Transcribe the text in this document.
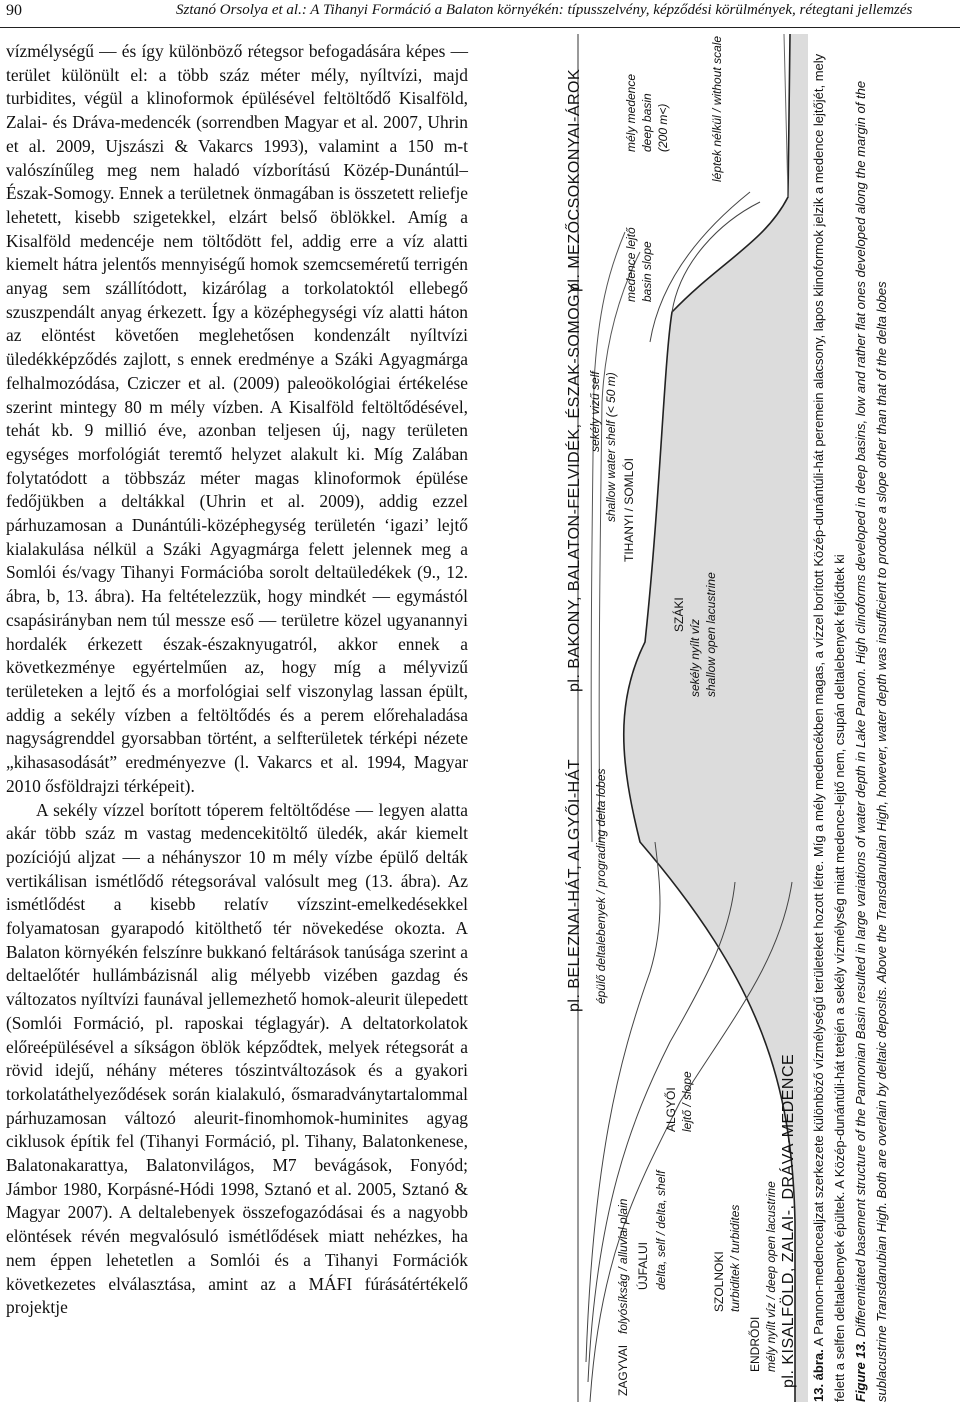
90	Sztanó Orsolya et al.: A Tihanyi Formáció a Balaton környékén: típusszelvény, képződési körülmények, rétegtani jellemzés

vízmélységű — és így különböző rétegsor befogadására képes — terület különült el: a több száz méter mély, nyíltvízi, majd turbidites, végül a klinoformok épülésével feltöltődő Kisalföld, Zalai- és Dráva-medencék (sorrendben Magyar et al. 2007, Uhrin et al. 2009, Ujszászi & Vakarcs 1993), valamint a 150 m-t valószínűleg meg nem haladó vízborítású Közép-Dunántúl–Észak-Somogy. Ennek a területnek önmagában is összetett reliefje lehetett, kisebb szigetekkel, elzárt belső öblökkel. Amíg a Kisalföld medencéje nem töltődött fel, addig erre a víz alatti kiemelt hátra jelentős mennyiségű homok szemcseméretű terrigén anyag sem szállítódott, kizárólag a torkolatoktól ellebegő szuszpendált anyag érkezett. Így a középhegységi víz alatti háton az elöntést követően meglehetősen kondenzált nyíltvízi üledékképződés zajlott, s ennek eredménye a Száki Agyagmárga felhalmozódása, Cziczer et al. (2009) paleoökológiai értékelése szerint mintegy 80 m mély vízben. A Kisalföld feltöltődésével, tehát kb. 9 millió éve, azonban teljesen új, nagy területen egységes morfológiát teremtő helyzet alakult ki. Míg Zalában folytatódott a többszáz méter magas klinoformok épülése fedőjükben a deltákkal (Uhrin et al. 2009), addig ezzel párhuzamosan a Dunántúli-középhegység területén ‘igazi’ lejtő kialakulása nélkül a Száki Agyagmárga felett jelennek meg a Somlói és/vagy Tihanyi Formációba sorolt deltaüledékek (9., 12. ábra, b, 13. ábra). Ha feltételezzük, hogy mindkét — egymástól csapásirányban nem túl messze eső — területre közel ugyanannyi hordalék érkezett észak-északnyugatról, akkor ennek a következménye egyértelműen az, hogy míg a mélyvizű területeken a lejtő és a morfológiai self viszonylag lassan épült, addig a sekély vízben a feltöltődés és a perem előrehaladása nagyságrenddel gyorsabban történt, a selfterületek térképi nézete „kihasasodását” eredményezve (l. Vakarcs et al. 1994, Magyar 2010 ősföldrajzi térképeit).

A sekély vízzel borított tóperem feltöltődése — legyen alatta akár több száz m vastag medencekitöltő üledék, akár kiemelt pozíciójú aljzat — a néhányszor 10 m mély vízbe épülő delták vertikálisan ismétlődő rétegsorával valósult meg (13. ábra). Az ismétlődést a kisebb relatív vízszint-emelkedésekkel folyamatosan gyarapodó kitölthető tér növekedése okozta. A Balaton környékén felszínre bukkanó feltárások tanúsága szerint a deltaelőtér hullámbázisnál alig mélyebb vizében gazdag és változatos nyíltvízi faunával jellemezhető homok-aleurit ülepedett (Somlói Formáció, pl. raposkai téglagyár). A deltatorkolatok előreépülésével a síkságon öblök képződtek, melyek rétegsorát a rövid idejű, néhány méteres tószintváltozások és a gyakori torkolatáthelyeződések során kialakuló, ősmaradványtartalommal párhuzamosan változó aleurit-finomhomok-huminites agyag ciklusok építik fel (Tihanyi Formáció, pl. Tihany, Balatonkenese, Balatonakarattya, Balatonvilágos, M7 bevágások, Fonyód; Jámbor 1980, Korpásné-Hódi 1998, Sztanó et al. 2005, Sztanó & Magyar 2007). A deltalebenyek összefogazódásai és a nagyobb elöntések révén megvalósuló ismétlődések miatt nehézkes, ha nem éppen lehetetlen a Somlói és a Tihanyi Formációk következetes elválasztása, amint az a MÁFI fúrásátértékelő projektje	pl. KISALFÖLD, ZALAI-, DRÁVA-MEDENCE
pl. BELEZNAI-HÁT, ALGYŐI-HÁT
pl. BAKONY, BALATON-FELVIDÉK, ÉSZAK-SOMOGY
pl. MEZŐCSOKONYAI-ÁROK
ZAGYVAI
folyósíkság / alluvial plain ÚJFALUI delta, self / delta, shelf
ALGYŐI lejtő / slope
SZOLNOKI turbiditek / turbidites
ENDRŐDI mély nyílt víz / deep open lacustrine
épülő deltalebenyek / prograding delta lobes
TIHANYI / SOMLÓI
SZÁKI
sekély nyílt víz shallow open lacustrine
sekély vizű self shallow water shelf (< 50 m)
medence lejtő basin slope
mély medence deep basin (200 m<)	léptek nélkül / without scale

13. ábra. A Pannon-medencealjzat szerkezete különböző vízmélységű területeket hozott létre. Míg a mély medencékben magas, a vízzel borított Közép-dunántúli-hát peremein alacsony, lapos klinoformok jelzik a medence lejtőjét, mely felett a selfen deltalebenyek épültek. A Közép-dunántúli-hát tetején a sekély vízmélység miatt medence-lejtő nem, csupán deltalebenyek fejlődtek ki Figure 13. Differentiated basement structure of the Pannonian Basin resulted in large variations of water depth in Lake Pannon. High clinoforms developed in deep basins, low and rather flat ones developed along the margin of the sublacustrine Transdanubian High. Both are overlain by deltaic deposits. Above the Transdanubian High, however, water depth was insufficient to produce a slope other than that of the delta lobes
